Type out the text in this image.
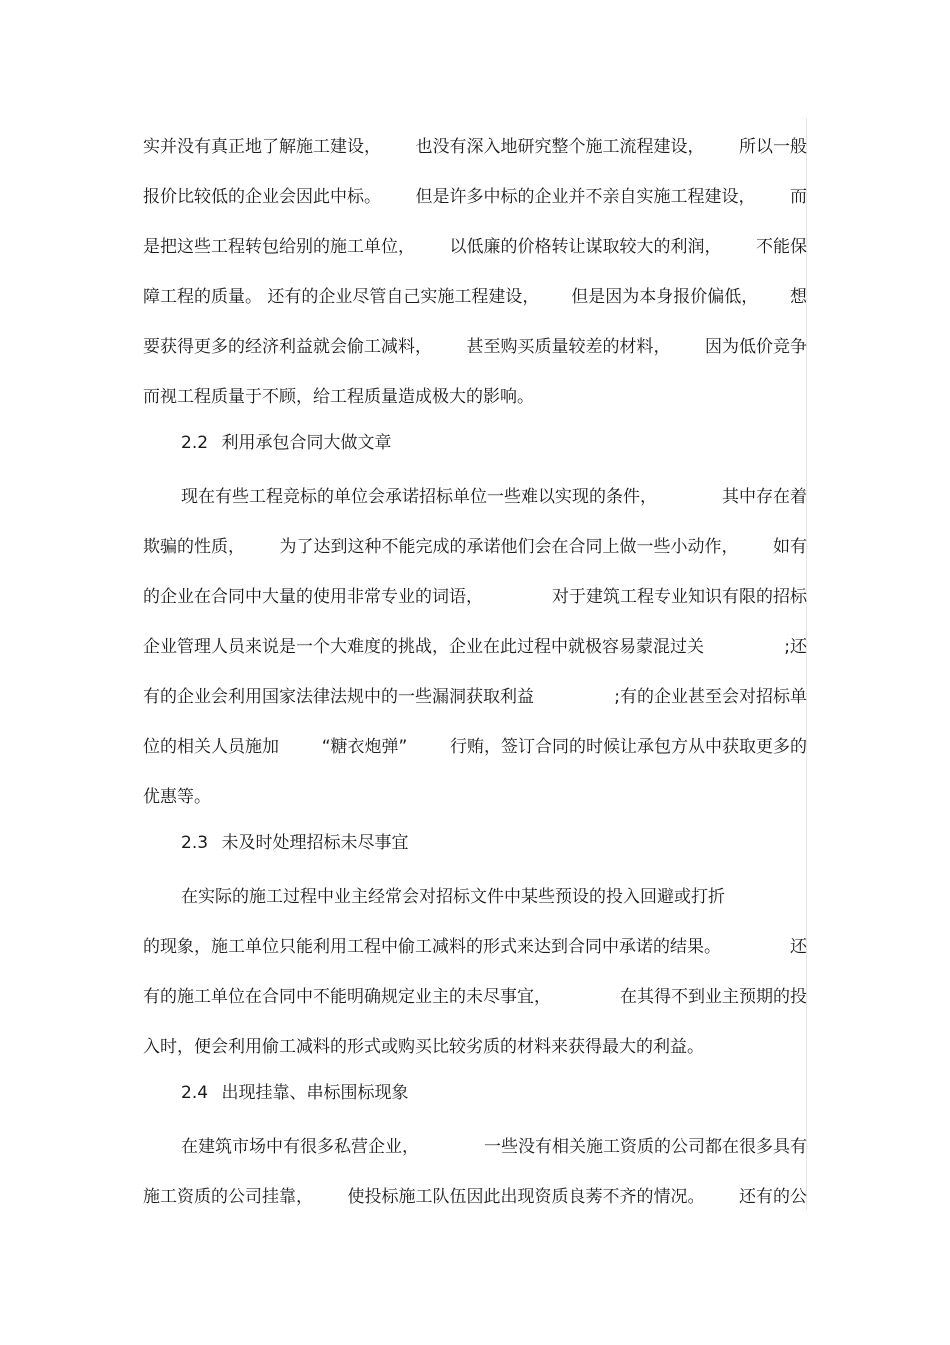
实并没有真正地了解施工建设， 也没有深入地研究整个施工流程建设， 所以一般
报价比较低的企业会因此中标。 但是许多中标的企业并不亲自实施工程建设， 而
是把这些工程转包给别的施工单位， 以低廉的价格转让谋取较大的利润， 不能保
障工程的质量。 还有的企业尽管自己实施工程建设， 但是因为本身报价偏低， 想
要获得更多的经济利益就会偷工减料， 甚至购买质量较差的材料， 因为低价竞争
而视工程质量于不顾，给工程质量造成极大的影响。
2.2 利用承包合同大做文章
现在有些工程竞标的单位会承诺招标单位一些难以实现的条件，	其中存在着
欺骗的性质， 为了达到这种不能完成的承诺他们会在合同上做一些小动作， 如有
的企业在合同中大量的使用非常专业的词语，	对于建筑工程专业知识有限的招标
企业管理人员来说是一个大难度的挑战，企业在此过程中就极容易蒙混过关	;还
有的企业会利用国家法律法规中的一些漏洞获取利益	;有的企业甚至会对招标单
位的相关人员施加	“糖衣炮弹”	行贿，签订合同的时候让承包方从中获取更多的
优惠等。
2.3 未及时处理招标未尽事宜
在实际的施工过程中业主经常会对招标文件中某些预设的投入回避或打折
的现象，施工单位只能利用工程中偷工减料的形式来达到合同中承诺的结果。	还
有的施工单位在合同中不能明确规定业主的未尽事宜，	在其得不到业主预期的投
入时，便会利用偷工减料的形式或购买比较劣质的材料来获得最大的利益。
2.4 出现挂靠、串标围标现象
在建筑市场中有很多私营企业，	一些没有相关施工资质的公司都在很多具有
施工资质的公司挂靠， 使投标施工队伍因此出现资质良莠不齐的情况。 还有的公
